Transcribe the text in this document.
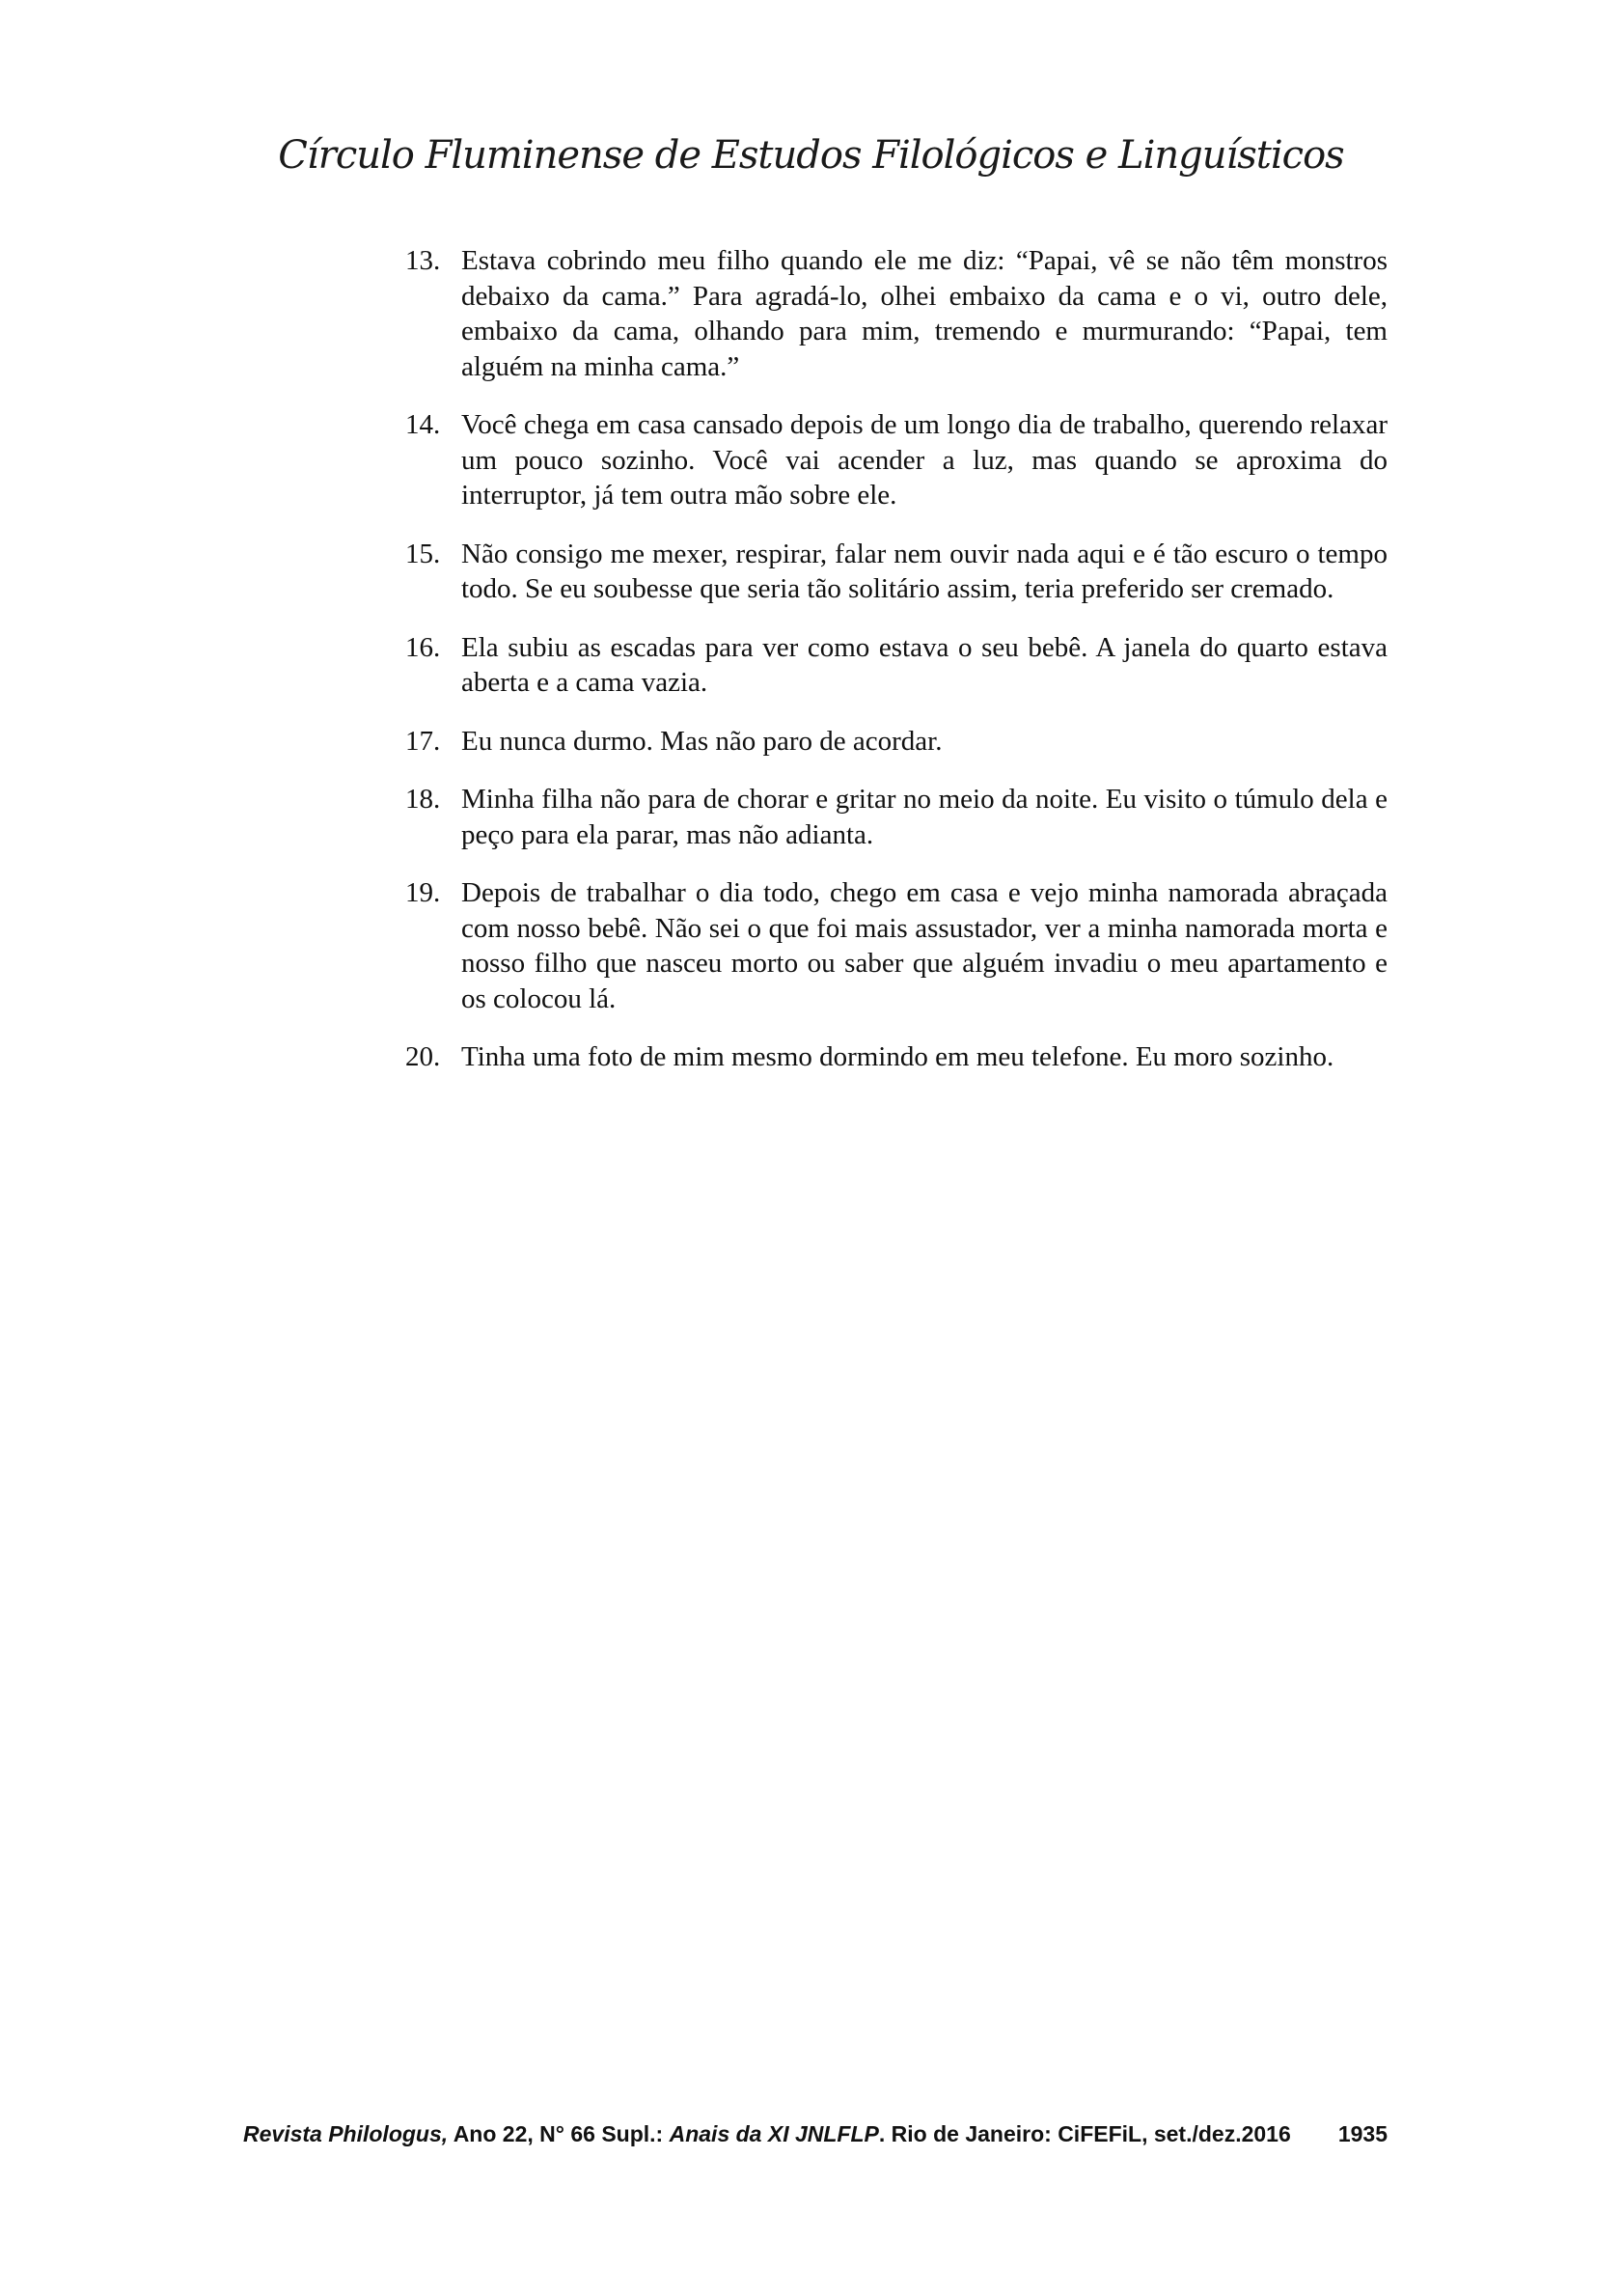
Círculo Fluminense de Estudos Filológicos e Linguísticos
13. Estava cobrindo meu filho quando ele me diz: “Papai, vê se não têm monstros debaixo da cama.” Para agradá-lo, olhei embaixo da cama e o vi, outro dele, embaixo da cama, olhando para mim, tremendo e murmurando: “Papai, tem alguém na minha cama.”
14. Você chega em casa cansado depois de um longo dia de trabalho, querendo relaxar um pouco sozinho. Você vai acender a luz, mas quando se aproxima do interruptor, já tem outra mão sobre ele.
15. Não consigo me mexer, respirar, falar nem ouvir nada aqui e é tão escuro o tempo todo. Se eu soubesse que seria tão solitário assim, teria preferido ser cremado.
16. Ela subiu as escadas para ver como estava o seu bebê. A janela do quarto estava aberta e a cama vazia.
17. Eu nunca durmo. Mas não paro de acordar.
18. Minha filha não para de chorar e gritar no meio da noite. Eu visito o túmulo dela e peço para ela parar, mas não adianta.
19. Depois de trabalhar o dia todo, chego em casa e vejo minha namorada abraçada com nosso bebê. Não sei o que foi mais assustador, ver a minha namorada morta e nosso filho que nasceu morto ou saber que alguém invadiu o meu apartamento e os colocou lá.
20. Tinha uma foto de mim mesmo dormindo em meu telefone. Eu moro sozinho.
Revista Philologus, Ano 22, N° 66 Supl.: Anais da XI JNLFLP. Rio de Janeiro: CiFEFiL, set./dez.2016 1935
